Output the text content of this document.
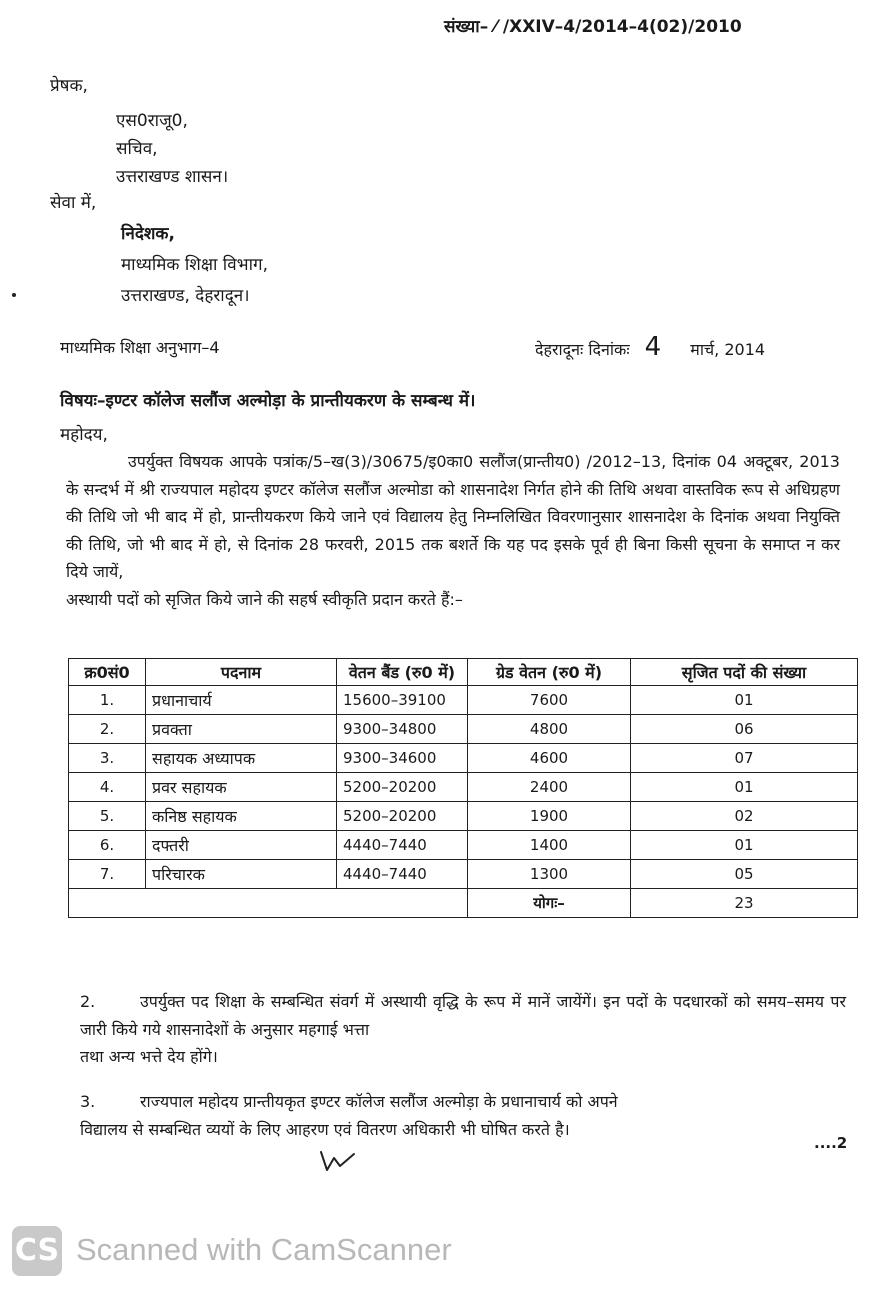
संख्या– ⁄ /XXIV–4/2014–4(02)/2010
प्रेषक,
एस0राजू0,
सचिव,
उत्तराखण्ड शासन।
सेवा में,
निदेशक,
माध्यमिक शिक्षा विभाग,
उत्तराखण्ड, देहरादून।
माध्यमिक शिक्षा अनुभाग–4	देहरादूनः दिनांकः 4 मार्च, 2014
विषयः–इण्टर कॉलेज सलौंज अल्मोड़ा के प्रान्तीयकरण के सम्बन्ध में।
महोदय,
उपर्युक्त विषयक आपके पत्रांक/5–ख(3)/30675/इ0का0 सलौंज(प्रान्तीय0) /2012–13, दिनांक 04 अक्टूबर, 2013 के सन्दर्भ में श्री राज्यपाल महोदय इण्टर कॉलेज सलौंज अल्मोडा को शासनादेश निर्गत होने की तिथि अथवा वास्तविक रूप से अधिग्रहण की तिथि जो भी बाद में हो, प्रान्तीयकरण किये जाने एवं विद्यालय हेतु निम्नलिखित विवरणानुसार शासनादेश के दिनांक अथवा नियुक्ति की तिथि, जो भी बाद में हो, से दिनांक 28 फरवरी, 2015 तक बशर्ते कि यह पद इसके पूर्व ही बिना किसी सूचना के समाप्त न कर दिये जायें,
अस्थायी पदों को सृजित किये जाने की सहर्ष स्वीकृति प्रदान करते हैं:–
क्र0सं0	पदनाम	वेतन बैंड (रु0 में)	ग्रेड वेतन (रु0 में)	सृजित पदों की संख्या
1.	प्रधानाचार्य	15600–39100	7600	01
2.	प्रवक्ता	9300–34800	4800	06
3.	सहायक अध्यापक	9300–34600	4600	07
4.	प्रवर सहायक	5200–20200	2400	01
5.	कनिष्ठ सहायक	5200–20200	1900	02
6.	दफ्तरी	4440–7440	1400	01
7.	परिचारक	4440–7440	1300	05
			योगः–	23
2.	उपर्युक्त पद शिक्षा के सम्बन्धित संवर्ग में अस्थायी वृद्धि के रूप में मानें जायेंगें। इन पदों के पदधारकों को समय–समय पर जारी किये गये शासनादेशों के अनुसार महगाई भत्ता
तथा अन्य भत्ते देय होंगे।
3.	राज्यपाल महोदय प्रान्तीयकृत इण्टर कॉलेज सलौंज अल्मोड़ा के प्रधानाचार्य को अपने
विद्यालय से सम्बन्धित व्ययों के लिए आहरण एवं वितरण अधिकारी भी घोषित करते है।
....2
CS Scanned with CamScanner
